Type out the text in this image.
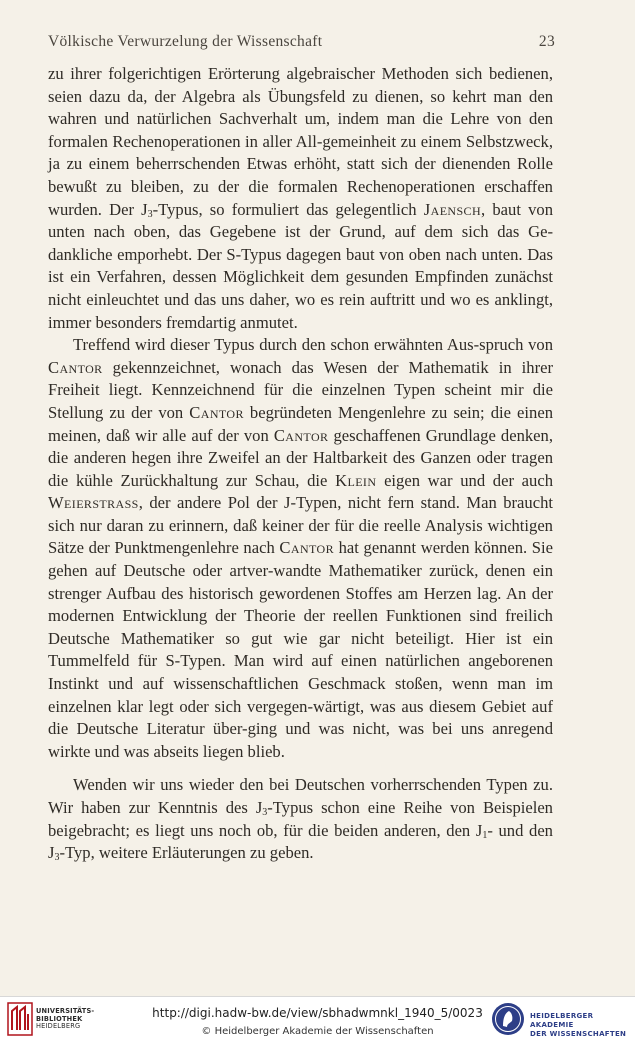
Völkische Verwurzelung der Wissenschaft	23

zu ihrer folgerichtigen Erörterung algebraischer Methoden sich bedienen, seien dazu da, der Algebra als Übungsfeld zu dienen, so kehrt man den wahren und natürlichen Sachverhalt um, indem man die Lehre von den formalen Rechenoperationen in aller All-gemeinheit zu einem Selbstzweck, ja zu einem beherrschenden Etwas erhöht, statt sich der dienenden Rolle bewußt zu bleiben, zu der die formalen Rechenoperationen erschaffen wurden. Der $J_3$-Typus, so formuliert das gelegentlich Jaensch, baut von unten nach oben, das Gegebene ist der Grund, auf dem sich das Ge-dankliche emporhebt. Der S-Typus dagegen baut von oben nach unten. Das ist ein Verfahren, dessen Möglichkeit dem gesunden Empfinden zunächst nicht einleuchtet und das uns daher, wo es rein auftritt und wo es anklingt, immer besonders fremdartig anmutet.

Treffend wird dieser Typus durch den schon erwähnten Aus-spruch von Cantor gekennzeichnet, wonach das Wesen der Mathematik in ihrer Freiheit liegt. Kennzeichnend für die einzelnen Typen scheint mir die Stellung zu der von Cantor begründeten Mengenlehre zu sein; die einen meinen, daß wir alle auf der von Cantor geschaffenen Grundlage denken, die anderen hegen ihre Zweifel an der Haltbarkeit des Ganzen oder tragen die kühle Zurückhaltung zur Schau, die Klein eigen war und der auch Weierstrass, der andere Pol der J-Typen, nicht fern stand. Man braucht sich nur daran zu erinnern, daß keiner der für die reelle Analysis wichtigen Sätze der Punktmengenlehre nach Cantor hat genannt werden können. Sie gehen auf Deutsche oder artver-wandte Mathematiker zurück, denen ein strenger Aufbau des historisch gewordenen Stoffes am Herzen lag. An der modernen Entwicklung der Theorie der reellen Funktionen sind freilich Deutsche Mathematiker so gut wie gar nicht beteiligt. Hier ist ein Tummelfeld für S-Typen. Man wird auf einen natürlichen angeborenen Instinkt und auf wissenschaftlichen Geschmack stoßen, wenn man im einzelnen klar legt oder sich vergegen-wärtigt, was aus diesem Gebiet auf die Deutsche Literatur über-ging und was nicht, was bei uns anregend wirkte und was abseits liegen blieb.

Wenden wir uns wieder den bei Deutschen vorherrschenden Typen zu. Wir haben zur Kenntnis des $J_3$-Typus schon eine Reihe von Beispielen beigebracht; es liegt uns noch ob, für die beiden anderen, den $J_1-$ und den $J_3$-Typ, weitere Erläuterungen zu geben.

UNIVERSITÄTS-
BIBLIOTHEK
HEIDELBERG
http://digi.hadw-bw.de/view/sbhadwmnkl_1940_5/0023
© Heidelberger Akademie der Wissenschaften
HEIDELBERGER AKADEMIE
DER WISSENSCHAFTEN
